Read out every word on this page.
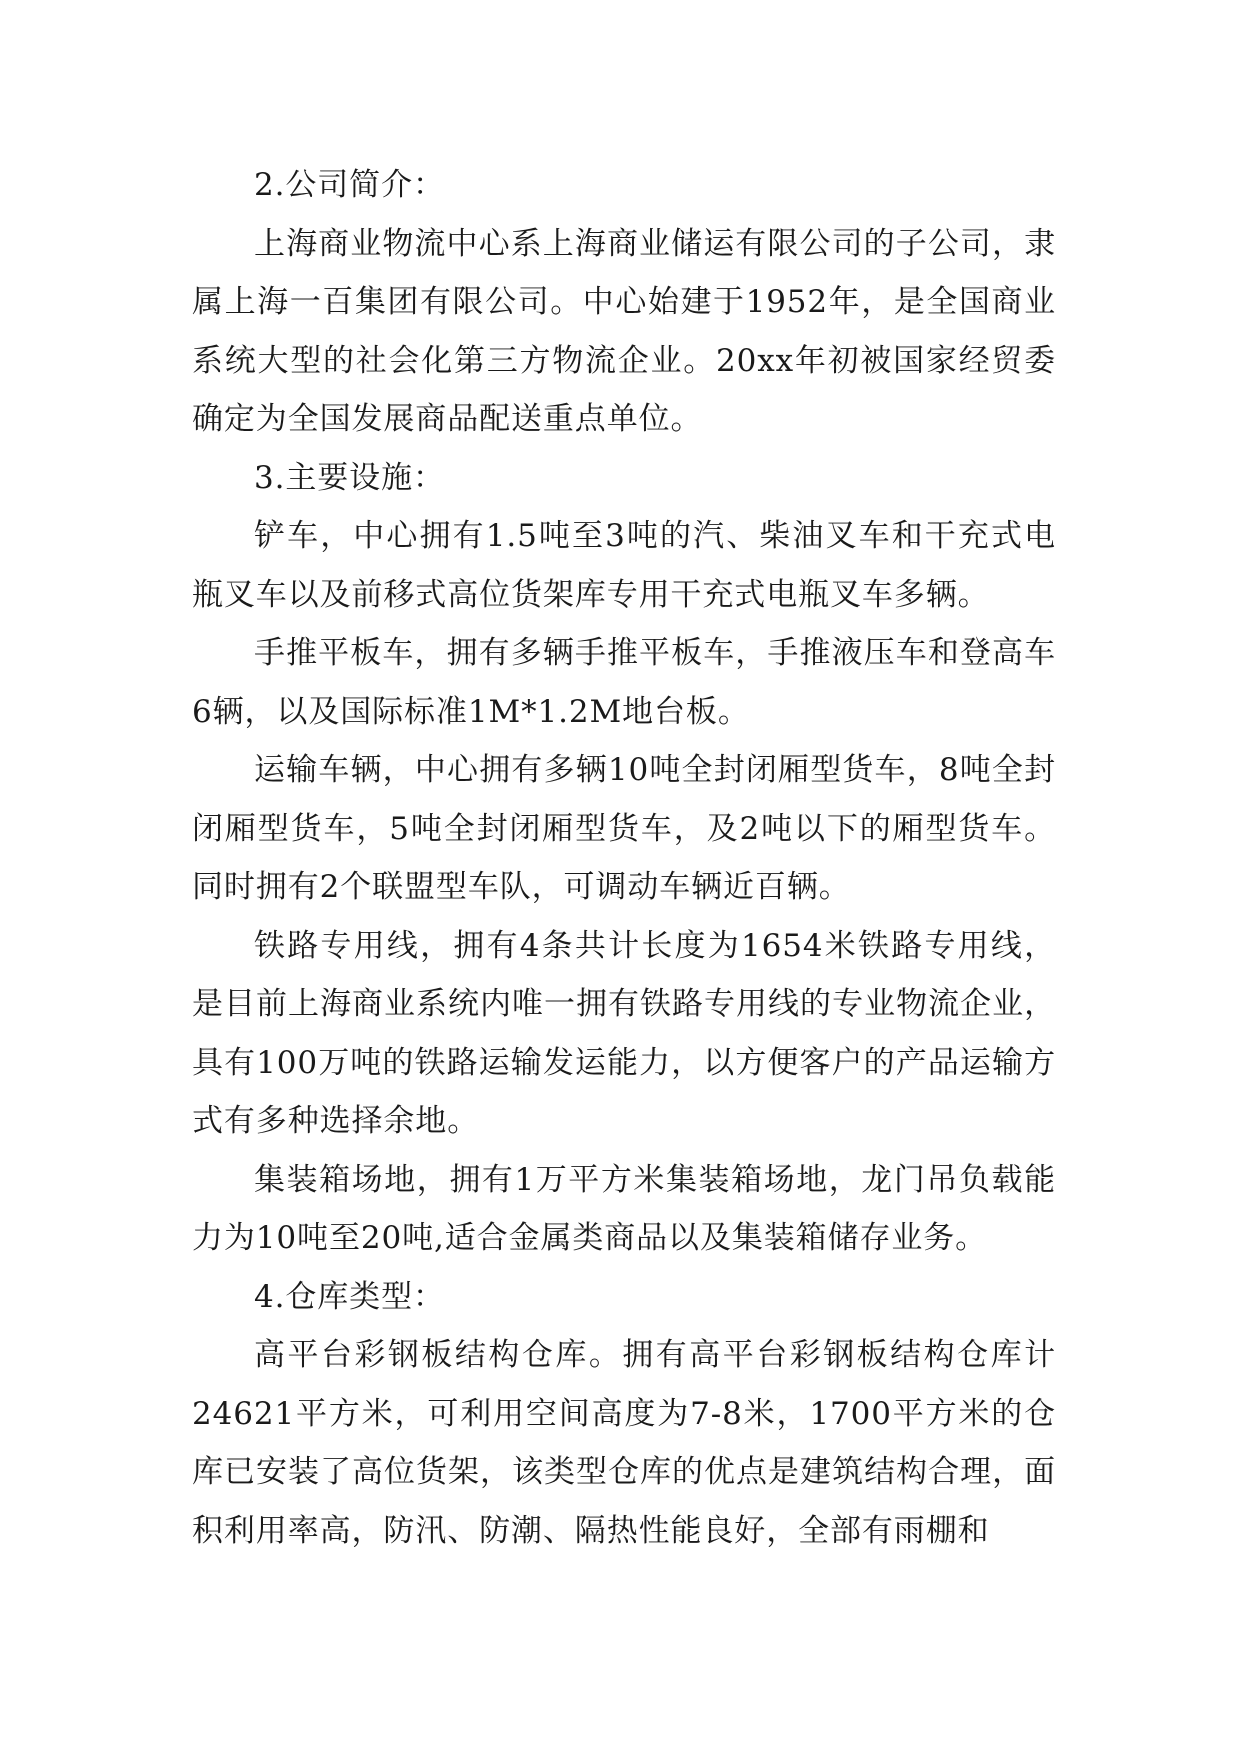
2.公司简介：

上海商业物流中心系上海商业储运有限公司的子公司，隶属上海一百集团有限公司。中心始建于1952年，是全国商业系统大型的社会化第三方物流企业。20xx年初被国家经贸委确定为全国发展商品配送重点单位。

3.主要设施：

铲车，中心拥有1.5吨至3吨的汽、柴油叉车和干充式电瓶叉车以及前移式高位货架库专用干充式电瓶叉车多辆。

手推平板车，拥有多辆手推平板车，手推液压车和登高车6辆，以及国际标准1M*1.2M地台板。

运输车辆，中心拥有多辆10吨全封闭厢型货车，8吨全封闭厢型货车，5吨全封闭厢型货车，及2吨以下的厢型货车。同时拥有2个联盟型车队，可调动车辆近百辆。

铁路专用线，拥有4条共计长度为1654米铁路专用线，是目前上海商业系统内唯一拥有铁路专用线的专业物流企业，具有100万吨的铁路运输发运能力，以方便客户的产品运输方式有多种选择余地。

集装箱场地，拥有1万平方米集装箱场地，龙门吊负载能力为10吨至20吨,适合金属类商品以及集装箱储存业务。

4.仓库类型：

高平台彩钢板结构仓库。拥有高平台彩钢板结构仓库计24621平方米，可利用空间高度为7-8米，1700平方米的仓库已安装了高位货架，该类型仓库的优点是建筑结构合理，面积利用率高，防汛、防潮、隔热性能良好，全部有雨棚和
